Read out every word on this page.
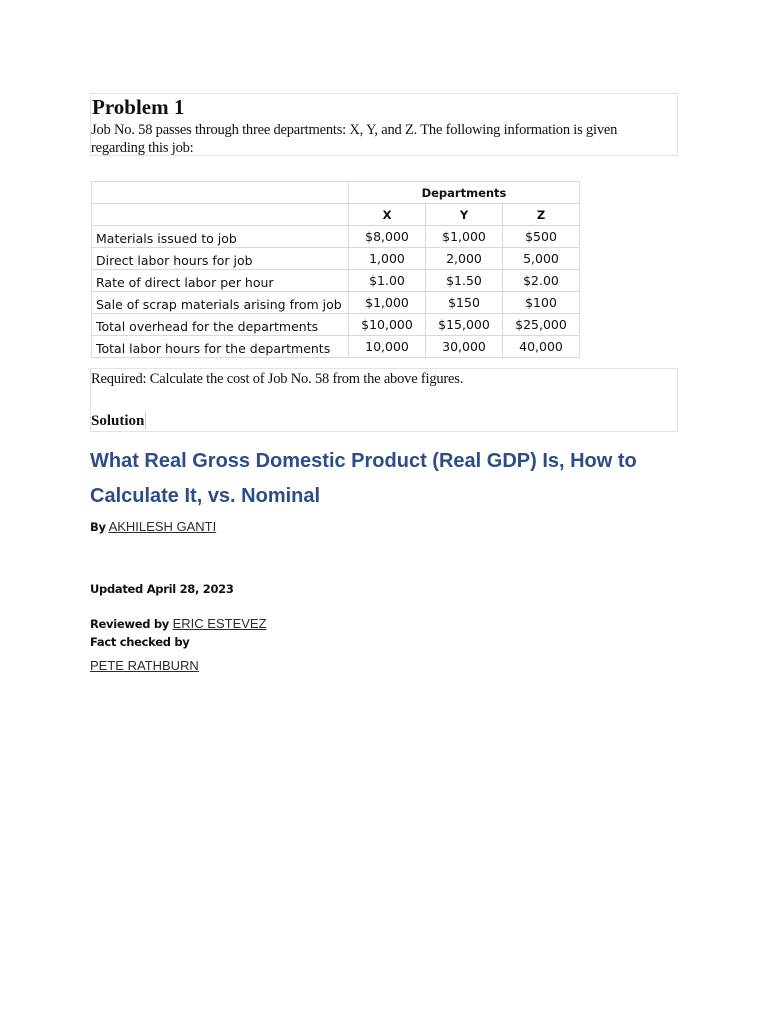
Problem 1

Job No. 58 passes through three departments: X, Y, and Z. The following information is given regarding this job:

	Departments		
	X	Y	Z
Materials issued to job	$8,000	$1,000	$500
Direct labor hours for job	1,000	2,000	5,000
Rate of direct labor per hour	$1.00	$1.50	$2.00
Sale of scrap materials arising from job	$1,000	$150	$100
Total overhead for the departments	$10,000	$15,000	$25,000
Total labor hours for the departments	10,000	30,000	40,000

Required: Calculate the cost of Job No. 58 from the above figures.

Solution

What Real Gross Domestic Product (Real GDP) Is, How to Calculate It, vs. Nominal

By AKHILESH GANTI

Updated April 28, 2023

Reviewed by ERIC ESTEVEZ

Fact checked by

PETE RATHBURN
